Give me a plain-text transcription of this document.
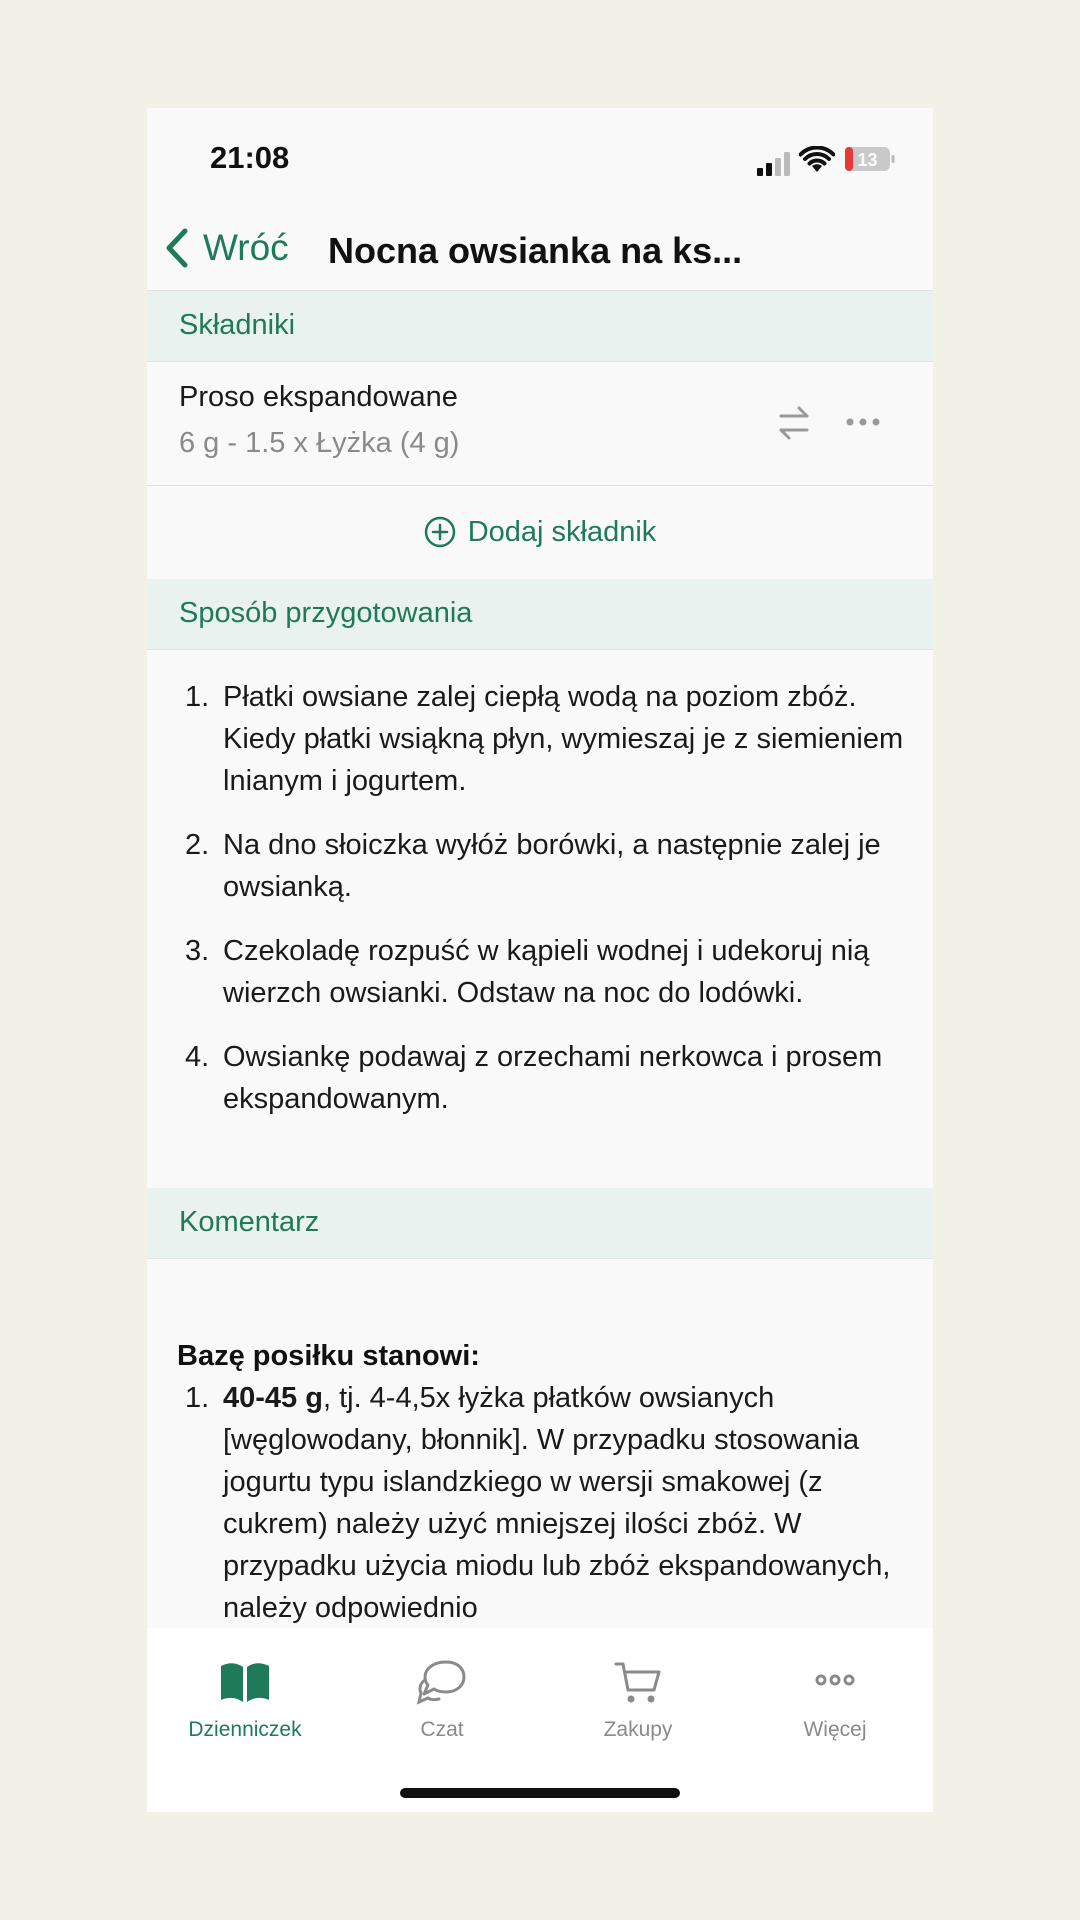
21:08	13
Wróć Nocna owsianka na ks...
Składniki
Proso ekspandowane
6 g - 1.5 x Łyżka (4 g)
Dodaj składnik
Sposób przygotowania
1. Płatki owsiane zalej ciepłą wodą na poziom zbóż. Kiedy płatki wsiąkną płyn, wymieszaj je z siemieniem lnianym i jogurtem.
2. Na dno słoiczka wyłóż borówki, a następnie zalej je owsianką.
3. Czekoladę rozpuść w kąpieli wodnej i udekoruj nią wierzch owsianki. Odstaw na noc do lodówki.
4. Owsiankę podawaj z orzechami nerkowca i prosem ekspandowanym.
Komentarz
Bazę posiłku stanowi:
1. 40-45 g, tj. 4-4,5x łyżka płatków owsianych [węglowodany, błonnik]. W przypadku stosowania jogurtu typu islandzkiego w wersji smakowej (z cukrem) należy użyć mniejszej ilości zbóż. W przypadku użycia miodu lub zbóż ekspandowanych, należy odpowiednio
Dzienniczek	Czat	Zakupy	Więcej
